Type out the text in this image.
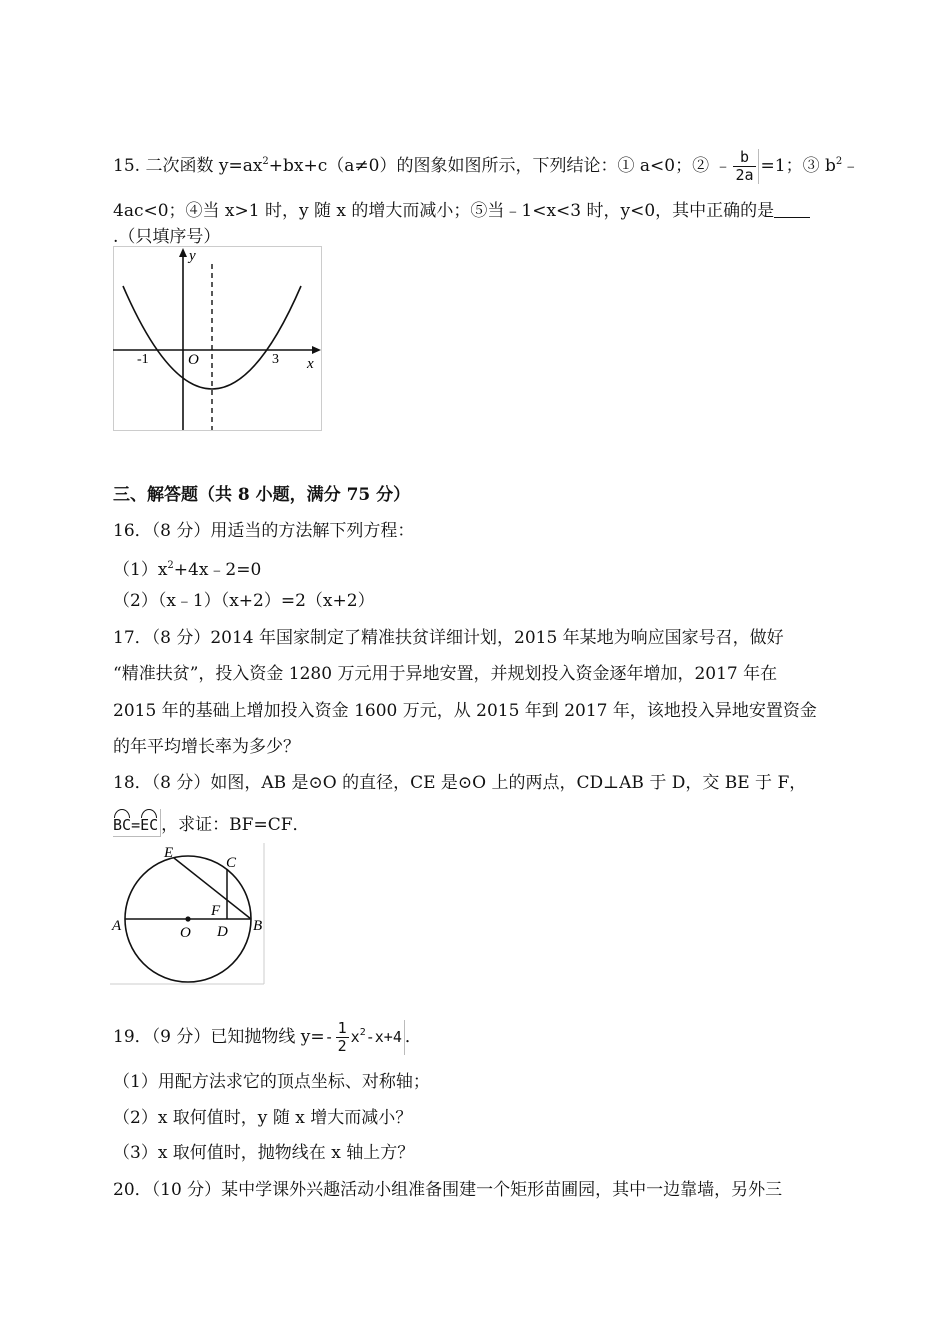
15. 二次函数 $y=ax^2+bx+c(a\ne 0)$的图象如图所示，下列结论：① a<0；② ﹣ $\frac{b}{2a} =1$；③ $b^2﹣$
4ac<0；④当 x>1 时，y 随 x 的增大而减小；⑤当﹣1<x<3 时，y<0，其中正确的是
.（只填序号）
y
x
O
-1	3
三、解答题（共 8 小题，满分 75 分）
16．（8 分）用适当的方法解下列方程：
$(1)x^2+4x﹣2=0$
（2）（x﹣1）（x+2）=2（x+2）
17．（8 分）2014 年国家制定了精准扶贫详细计划，2015 年某地为响应国家号召，做好
“精准扶贫”，投入资金 1280 万元用于异地安置，并规划投入资金逐年增加，2017 年在
2015 年的基础上增加投入资金 1600 万元，从 2015 年到 2017 年，该地投入异地安置资金
的年平均增长率为多少？
18．（8 分）如图，AB 是⊙O 的直径，CE 是⊙O 上的两点，CD⊥AB 于 D，交 BE 于 F，
BC=EC ，求证：BF=CF．
A	B
C
D
E
F
O
19．（9 分）已知抛物线 $y=- \frac{1}{2} x^2-x+4$ ．
（1）用配方法求它的顶点坐标、对称轴；
（2）x 取何值时，y 随 x 增大而减小？
（3）x 取何值时，抛物线在 x 轴上方？
20．（10 分）某中学课外兴趣活动小组准备围建一个矩形苗圃园，其中一边靠墙，另外三
